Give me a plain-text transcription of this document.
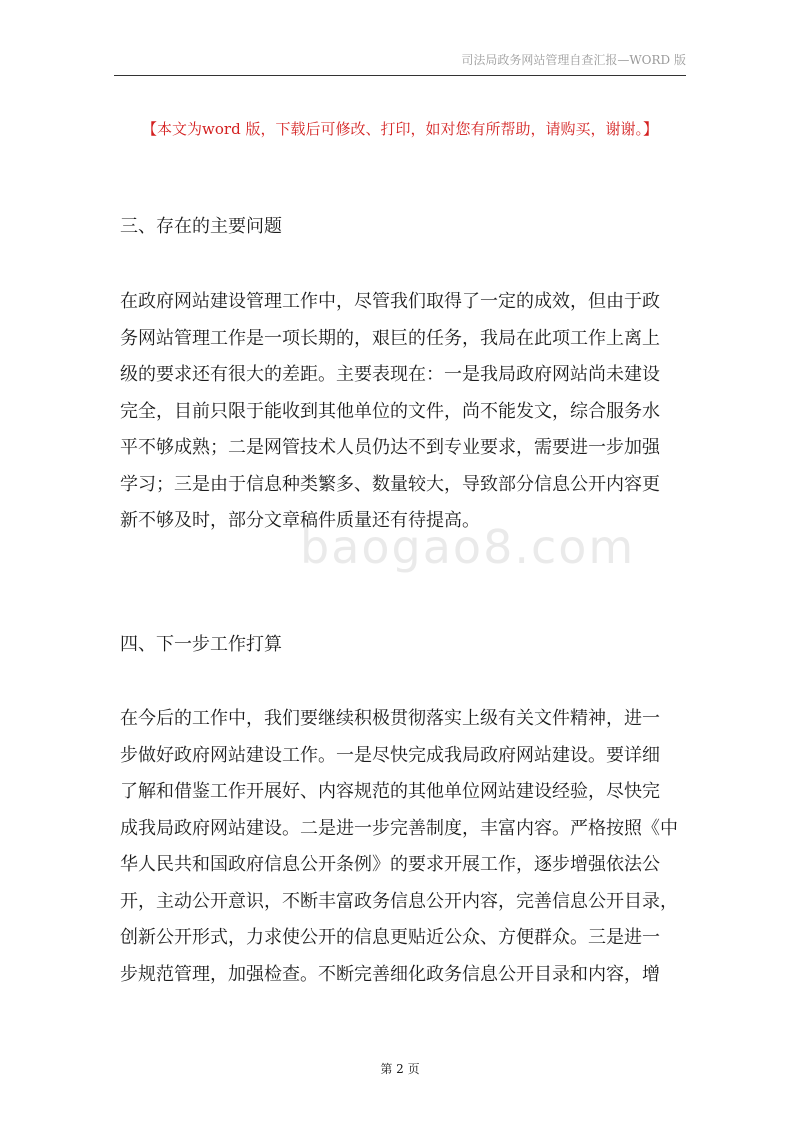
司法局政务网站管理自查汇报—WORD 版
【本文为word 版，下载后可修改、打印，如对您有所帮助，请购买，谢谢。】
三、存在的主要问题

在政府网站建设管理工作中，尽管我们取得了一定的成效，但由于政
务网站管理工作是一项长期的，艰巨的任务，我局在此项工作上离上
级的要求还有很大的差距。主要表现在：一是我局政府网站尚未建设
完全，目前只限于能收到其他单位的文件，尚不能发文，综合服务水
平不够成熟；二是网管技术人员仍达不到专业要求，需要进一步加强
学习；三是由于信息种类繁多、数量较大，导致部分信息公开内容更
新不够及时，部分文章稿件质量还有待提高。

四、下一步工作打算

在今后的工作中，我们要继续积极贯彻落实上级有关文件精神，进一
步做好政府网站建设工作。一是尽快完成我局政府网站建设。要详细
了解和借鉴工作开展好、内容规范的其他单位网站建设经验，尽快完
成我局政府网站建设。二是进一步完善制度，丰富内容。严格按照《中
华人民共和国政府信息公开条例》的要求开展工作，逐步增强依法公
开，主动公开意识，不断丰富政务信息公开内容，完善信息公开目录，
创新公开形式，力求使公开的信息更贴近公众、方便群众。三是进一
步规范管理，加强检查。不断完善细化政务信息公开目录和内容，增

baogao8.com
第 2 页
